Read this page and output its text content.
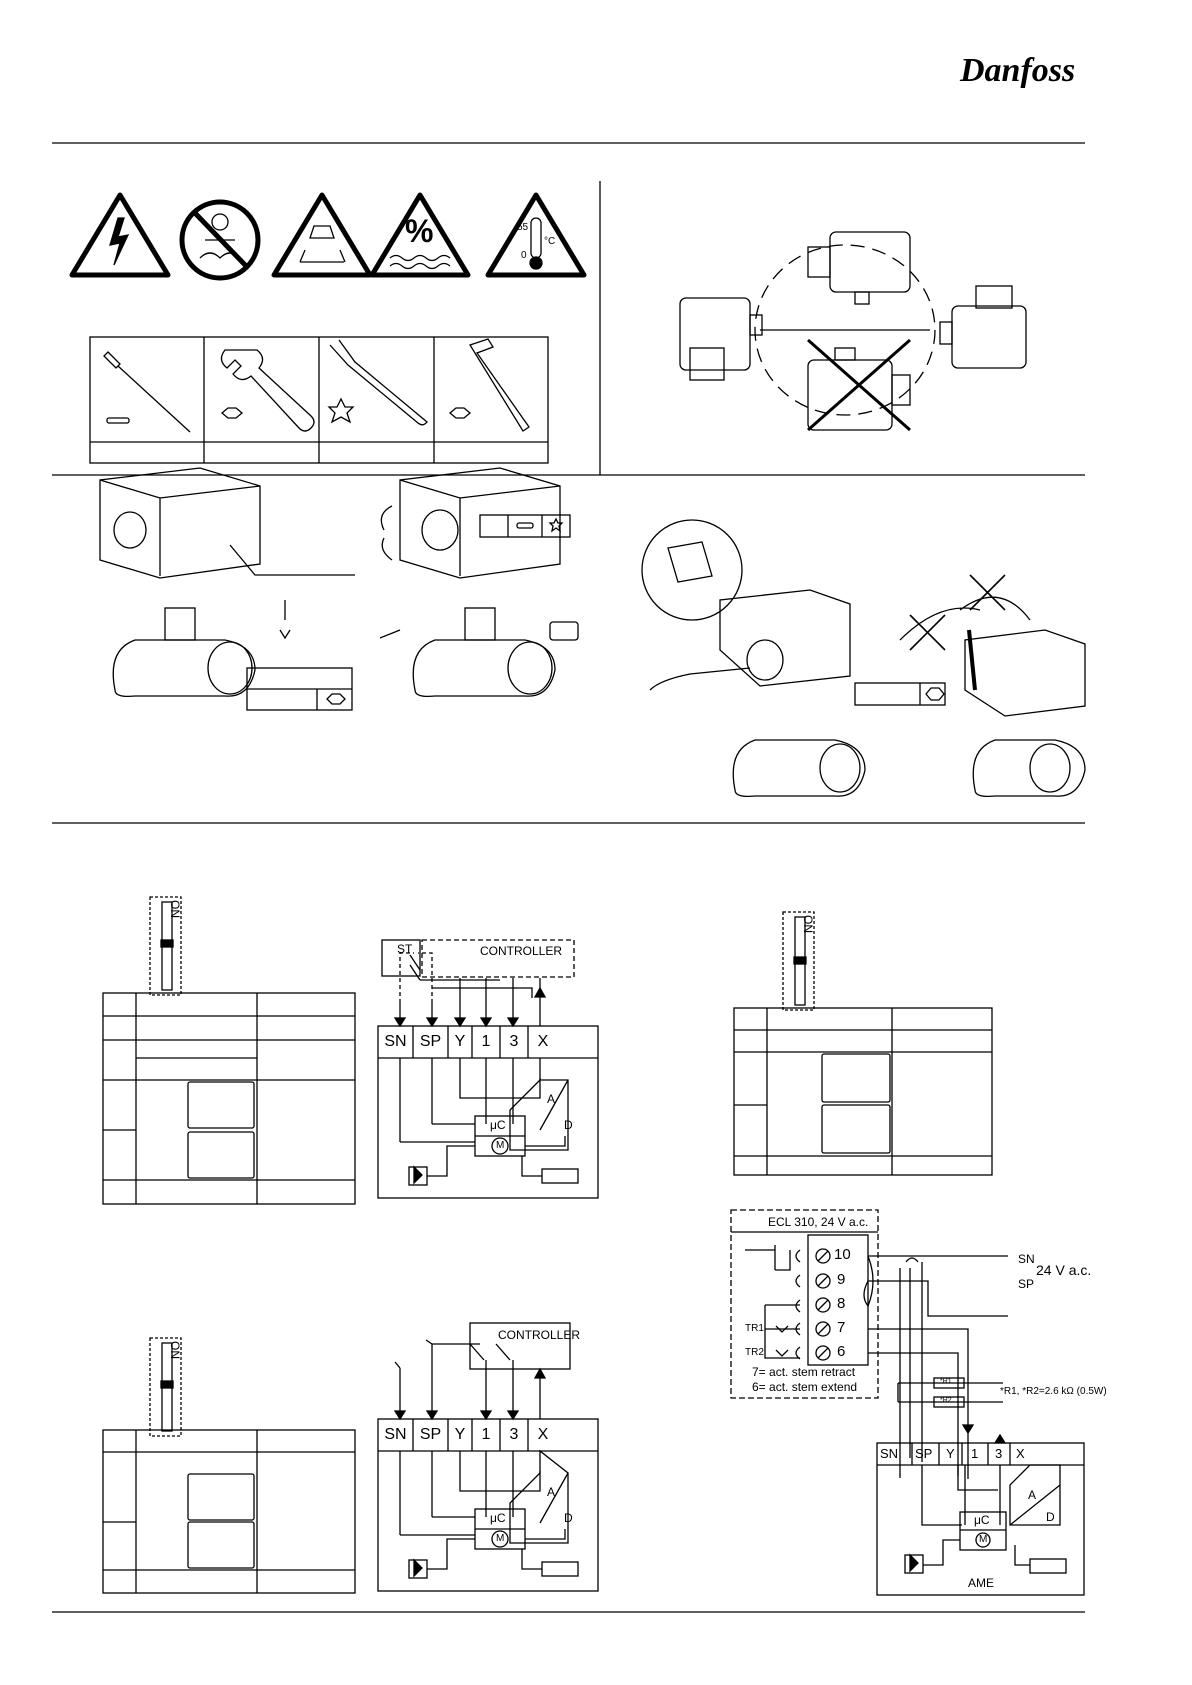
Danfoss
%	55
0
°C
ON
CONTROLLER
ST
μC
M
A
D
SN SP Y	1	3	X
ON
CONTROLLER
μC
M
A
D
SN SP Y	1	3	X
ON
ECL 310, 24 V a.c.
10
9
8
7
6
TR1
TR2
7= act. stem retract
6= act. stem extend
SN
SP
24 V a.c.
*R1
*R2
*R1, *R2=2.6 kΩ (0.5W)
SN SP Y 1 3 X
μC
M
A
D
AME
